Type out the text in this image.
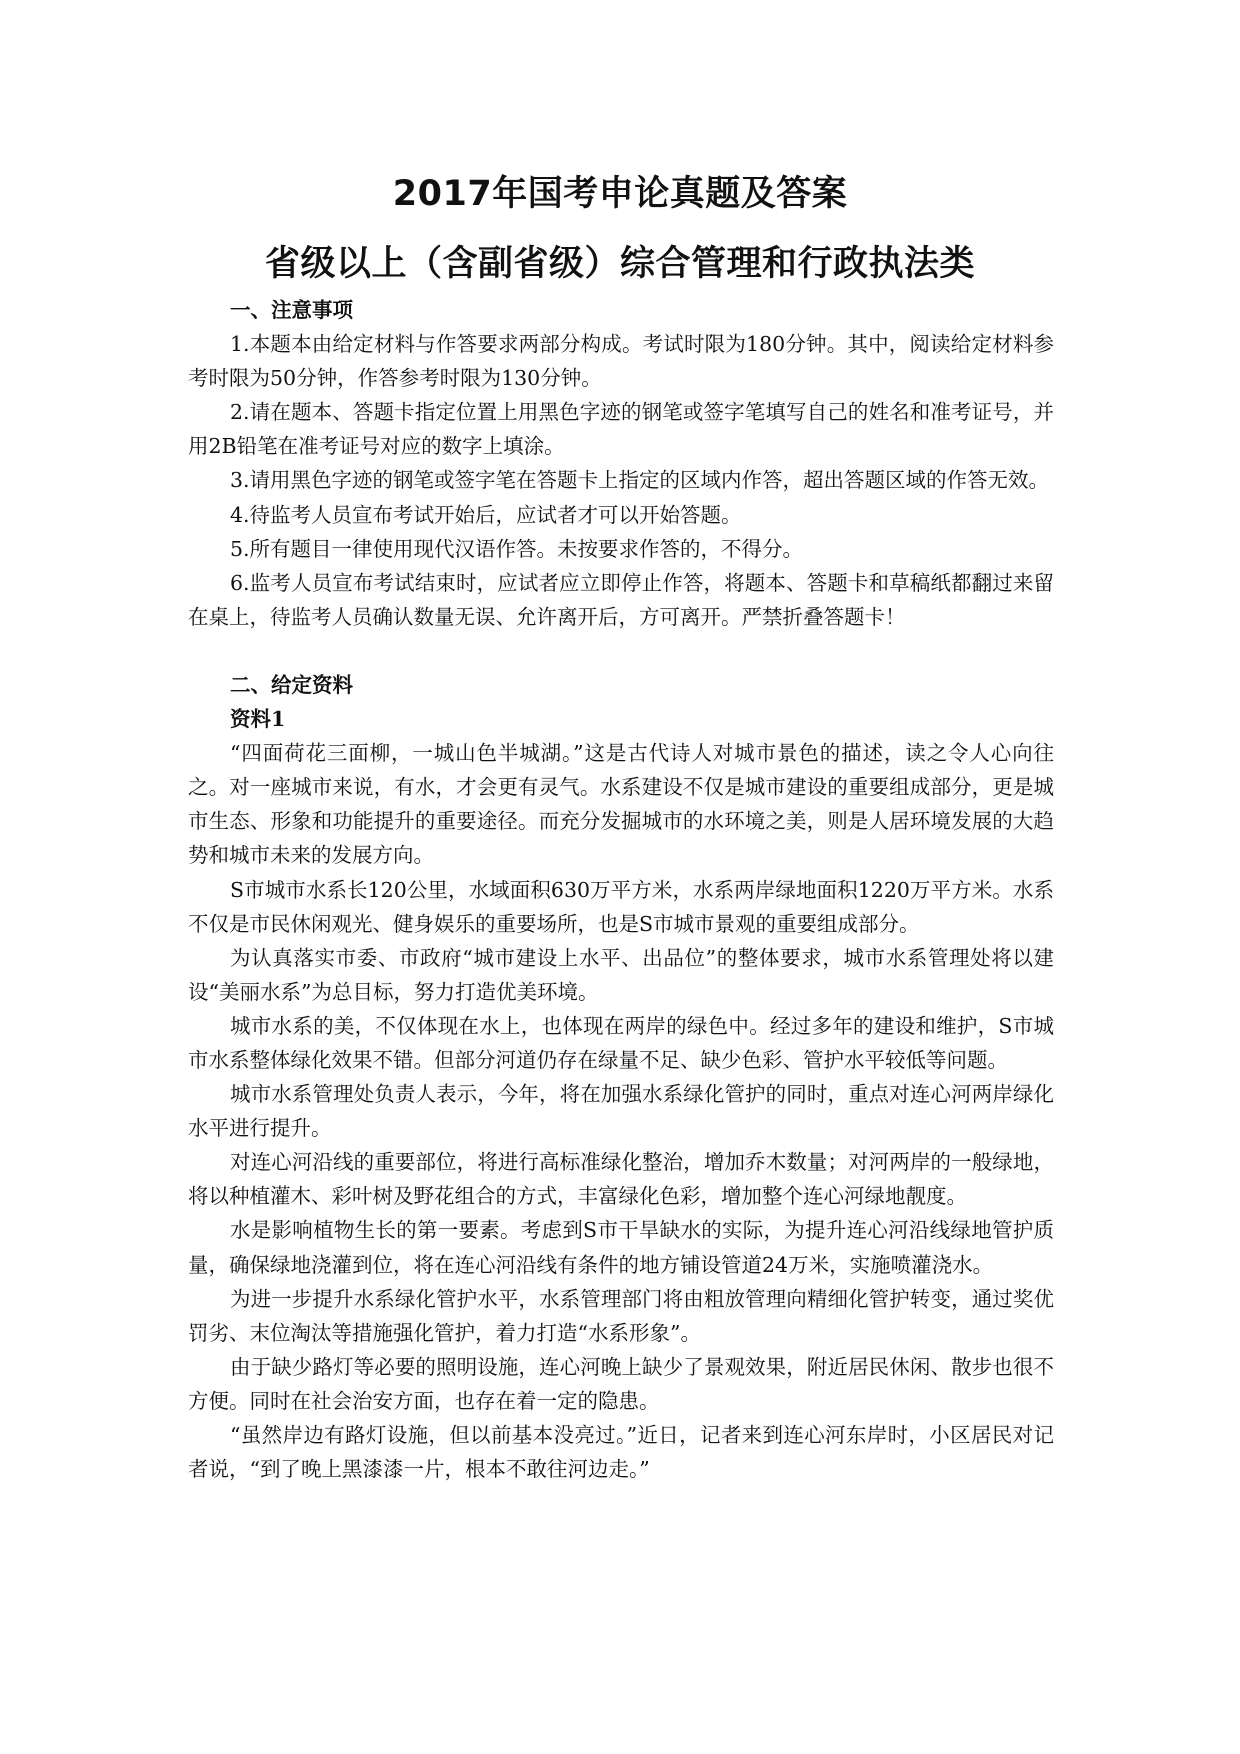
2017年国考申论真题及答案
省级以上（含副省级）综合管理和行政执法类

一、注意事项

1.本题本由给定材料与作答要求两部分构成。考试时限为180分钟。其中，阅读给定材料参考时限为50分钟，作答参考时限为130分钟。

2.请在题本、答题卡指定位置上用黑色字迹的钢笔或签字笔填写自己的姓名和准考证号，并用2B铅笔在准考证号对应的数字上填涂。

3.请用黑色字迹的钢笔或签字笔在答题卡上指定的区域内作答，超出答题区域的作答无效。

4.待监考人员宣布考试开始后，应试者才可以开始答题。

5.所有题目一律使用现代汉语作答。未按要求作答的，不得分。

6.监考人员宣布考试结束时，应试者应立即停止作答，将题本、答题卡和草稿纸都翻过来留在桌上，待监考人员确认数量无误、允许离开后，方可离开。严禁折叠答题卡！

二、给定资料

资料1

“四面荷花三面柳，一城山色半城湖。”这是古代诗人对城市景色的描述，读之令人心向往之。对一座城市来说，有水，才会更有灵气。水系建设不仅是城市建设的重要组成部分，更是城市生态、形象和功能提升的重要途径。而充分发掘城市的水环境之美，则是人居环境发展的大趋势和城市未来的发展方向。

S市城市水系长120公里，水域面积630万平方米，水系两岸绿地面积1220万平方米。水系不仅是市民休闲观光、健身娱乐的重要场所，也是S市城市景观的重要组成部分。

为认真落实市委、市政府“城市建设上水平、出品位”的整体要求，城市水系管理处将以建设“美丽水系”为总目标，努力打造优美环境。

城市水系的美，不仅体现在水上，也体现在两岸的绿色中。经过多年的建设和维护，S市城市水系整体绿化效果不错。但部分河道仍存在绿量不足、缺少色彩、管护水平较低等问题。

城市水系管理处负责人表示，今年，将在加强水系绿化管护的同时，重点对连心河两岸绿化水平进行提升。

对连心河沿线的重要部位，将进行高标准绿化整治，增加乔木数量；对河两岸的一般绿地，将以种植灌木、彩叶树及野花组合的方式，丰富绿化色彩，增加整个连心河绿地靓度。

水是影响植物生长的第一要素。考虑到S市干旱缺水的实际，为提升连心河沿线绿地管护质量，确保绿地浇灌到位，将在连心河沿线有条件的地方铺设管道24万米，实施喷灌浇水。

为进一步提升水系绿化管护水平，水系管理部门将由粗放管理向精细化管护转变，通过奖优罚劣、末位淘汰等措施强化管护，着力打造“水系形象”。

由于缺少路灯等必要的照明设施，连心河晚上缺少了景观效果，附近居民休闲、散步也很不方便。同时在社会治安方面，也存在着一定的隐患。

“虽然岸边有路灯设施，但以前基本没亮过。”近日，记者来到连心河东岸时，小区居民对记者说，“到了晚上黑漆漆一片，根本不敢往河边走。”
